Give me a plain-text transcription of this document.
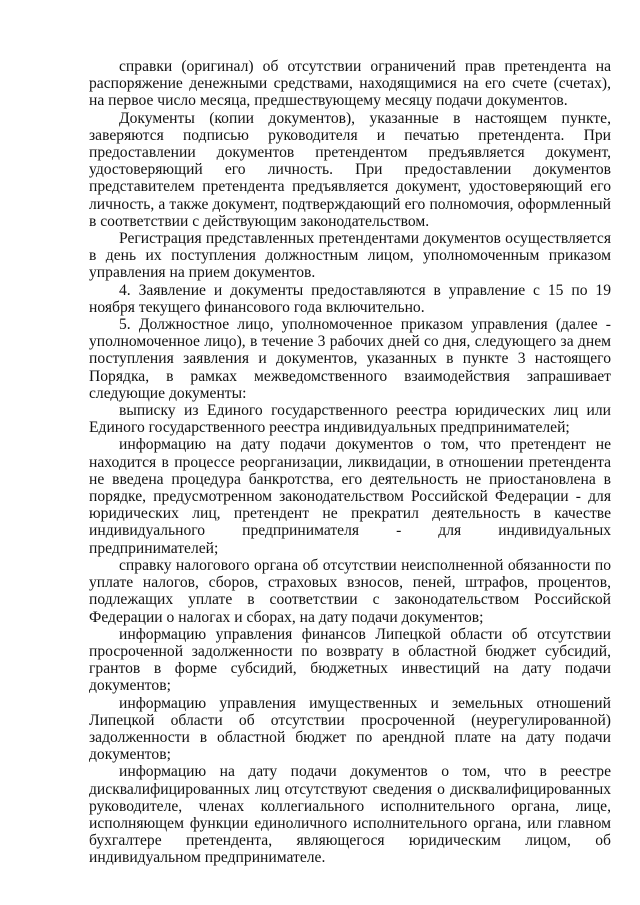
справки (оригинал) об отсутствии ограничений прав претендента на распоряжение денежными средствами, находящимися на его счете (счетах), на первое число месяца, предшествующему месяцу подачи документов.

Документы (копии документов), указанные в настоящем пункте, заверяются подписью руководителя и печатью претендента. При предоставлении документов претендентом предъявляется документ, удостоверяющий его личность. При предоставлении документов представителем претендента предъявляется документ, удостоверяющий его личность, а также документ, подтверждающий его полномочия, оформленный в соответствии с действующим законодательством.

Регистрация представленных претендентами документов осуществляется в день их поступления должностным лицом, уполномоченным приказом управления на прием документов.

4. Заявление и документы предоставляются в управление с 15 по 19 ноября текущего финансового года включительно.

5. Должностное лицо, уполномоченное приказом управления (далее - уполномоченное лицо), в течение 3 рабочих дней со дня, следующего за днем поступления заявления и документов, указанных в пункте 3 настоящего Порядка, в рамках межведомственного взаимодействия запрашивает следующие документы:

выписку из Единого государственного реестра юридических лиц или Единого государственного реестра индивидуальных предпринимателей;

информацию на дату подачи документов о том, что претендент не находится в процессе реорганизации, ликвидации, в отношении претендента не введена процедура банкротства, его деятельность не приостановлена в порядке, предусмотренном законодательством Российской Федерации - для юридических лиц, претендент не прекратил деятельность в качестве индивидуального предпринимателя - для индивидуальных предпринимателей;

справку налогового органа об отсутствии неисполненной обязанности по уплате налогов, сборов, страховых взносов, пеней, штрафов, процентов, подлежащих уплате в соответствии с законодательством Российской Федерации о налогах и сборах, на дату подачи документов;

информацию управления финансов Липецкой области об отсутствии просроченной задолженности по возврату в областной бюджет субсидий, грантов в форме субсидий, бюджетных инвестиций на дату подачи документов;

информацию управления имущественных и земельных отношений Липецкой области об отсутствии просроченной (неурегулированной) задолженности в областной бюджет по арендной плате на дату подачи документов;

информацию на дату подачи документов о том, что в реестре дисквалифицированных лиц отсутствуют сведения о дисквалифицированных руководителе, членах коллегиального исполнительного органа, лице, исполняющем функции единоличного исполнительного органа, или главном бухгалтере претендента, являющегося юридическим лицом, об индивидуальном предпринимателе.
